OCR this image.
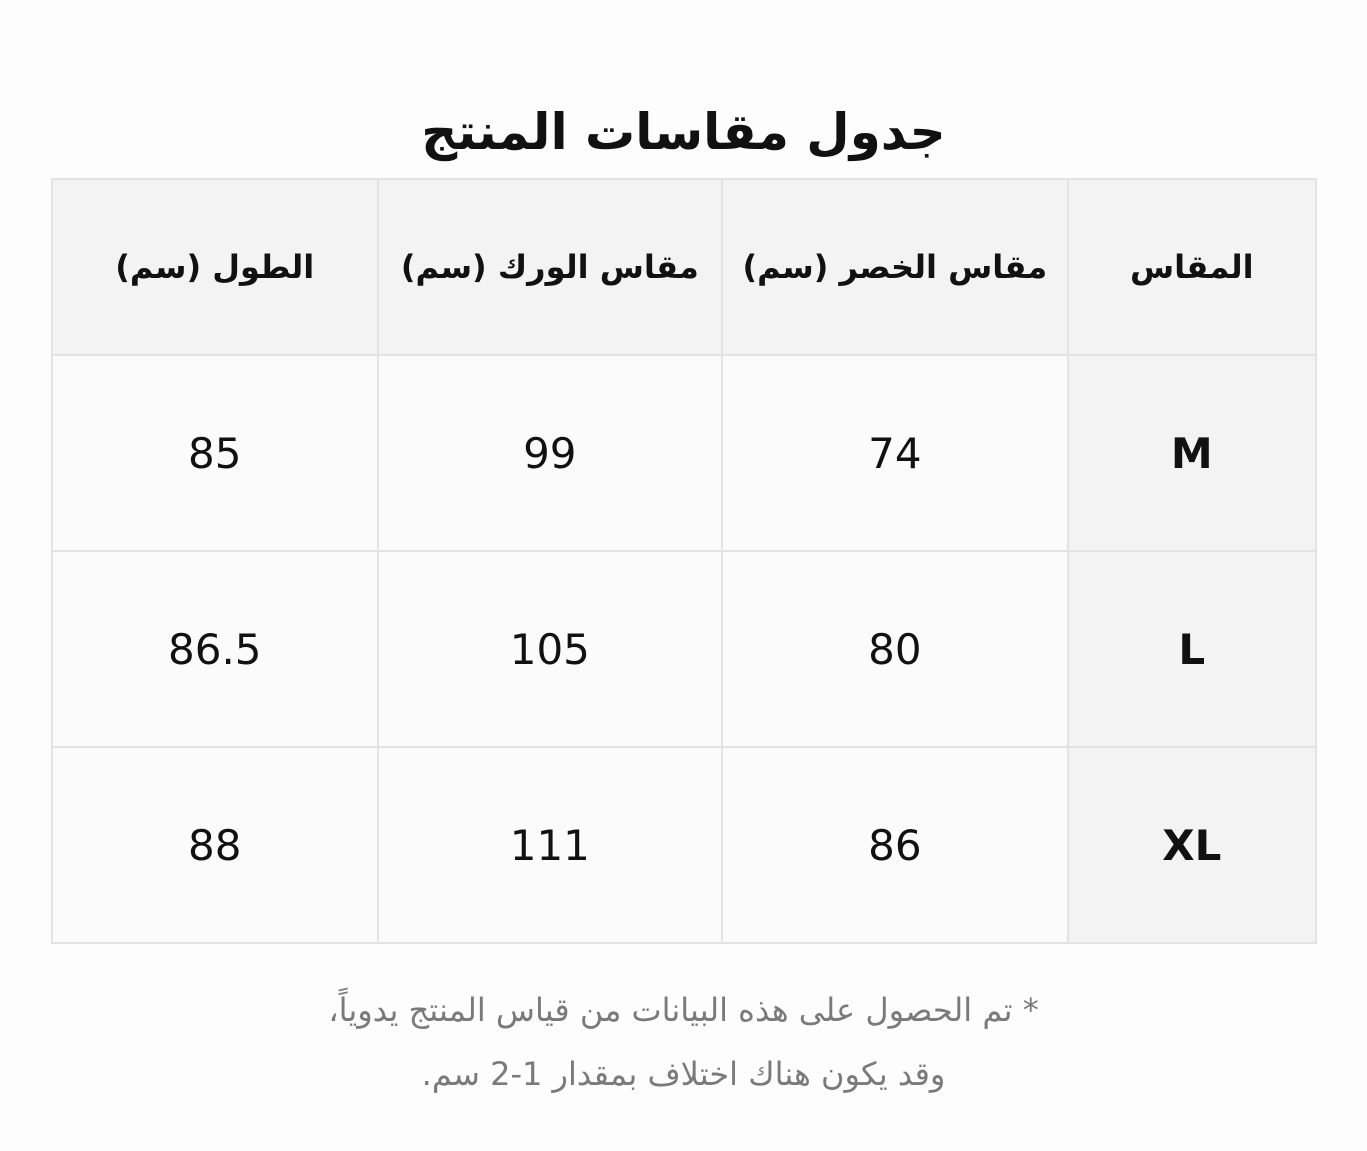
جدول مقاسات المنتج
المقاس	مقاس الخصر (سم)	مقاس الورك (سم)	الطول (سم)
M	74	99	85
L	80	105	86.5
XL	86	111	88
* تم الحصول على هذه البيانات من قياس المنتج يدوياً،
وقد يكون هناك اختلاف بمقدار 1-2 سم.
